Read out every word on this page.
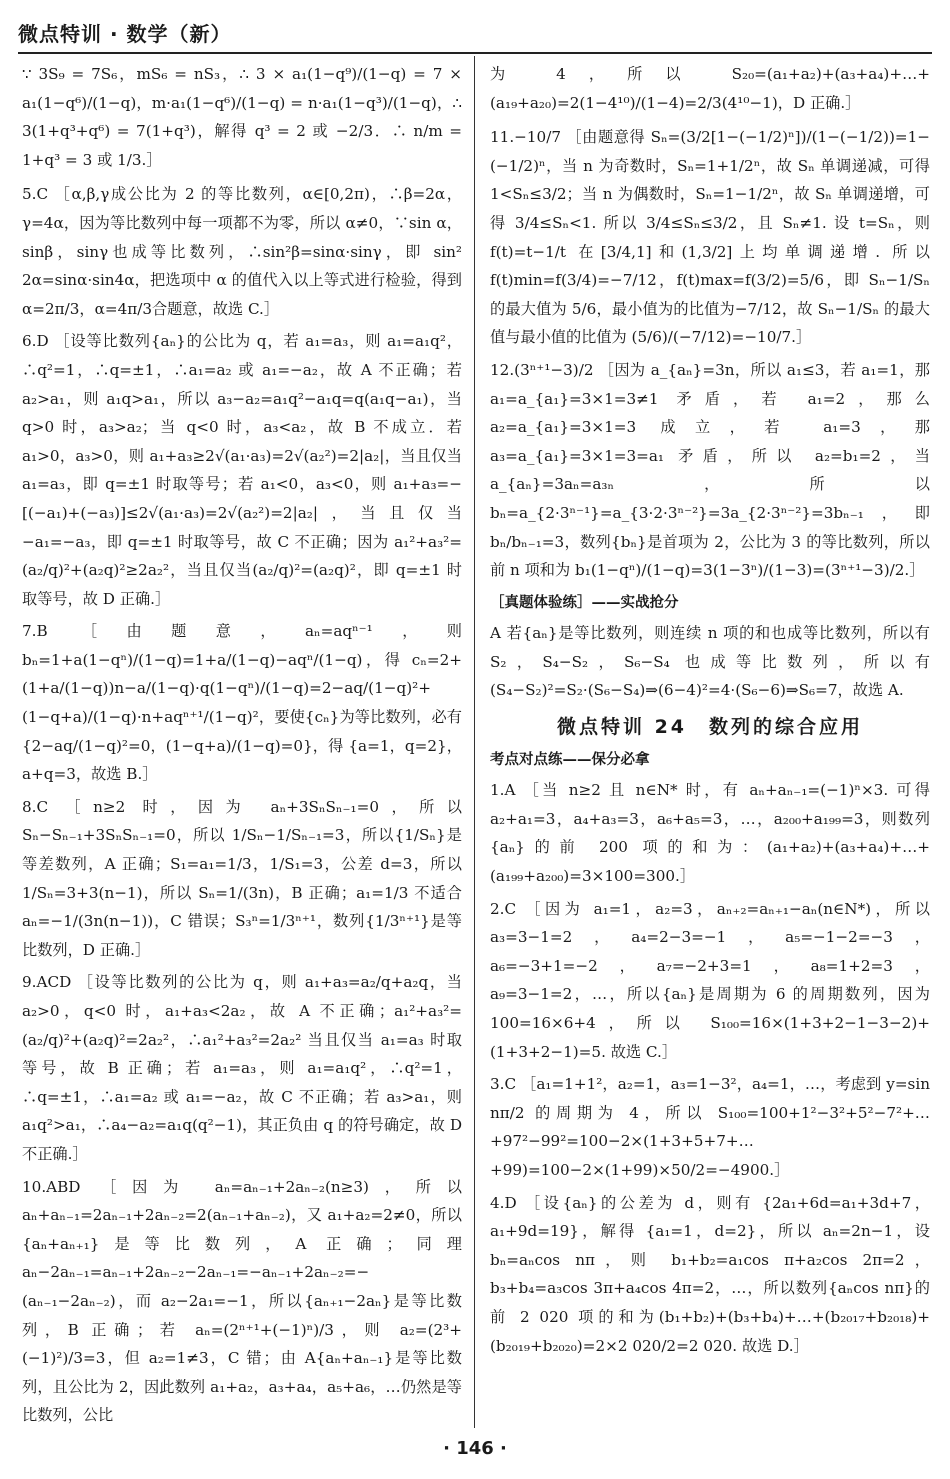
微点特训 · 数学（新）

∵ 3S₉ = 7S₆，mS₆ = nS₃，∴ 3 × a₁(1−q⁹)/(1−q) = 7 × a₁(1−q⁶)/(1−q)，m·a₁(1−q⁶)/(1−q) = n·a₁(1−q³)/(1−q)，∴ 3(1+q³+q⁶) = 7(1+q³)，解得 q³ = 2 或 −2/3．∴ n/m = 1+q³ = 3 或 1/3.］

5.C ［α,β,γ成公比为 2 的等比数列，α∈[0,2π)，∴β=2α，γ=4α，因为等比数列中每一项都不为零，所以 α≠0，∵sin α，sinβ，sinγ也成等比数列，∴sin²β=sinα·sinγ，即 sin² 2α=sinα·sin4α，把选项中 α 的值代入以上等式进行检验，得到 α=2π/3，α=4π/3合题意，故选 C.］

6.D ［设等比数列{aₙ}的公比为 q，若 a₁=a₃，则 a₁=a₁q²，∴q²=1，∴q=±1，∴a₁=a₂ 或 a₁=−a₂，故 A 不正确；若 a₂>a₁，则 a₁q>a₁，所以 a₃−a₂=a₁q²−a₁q=q(a₁q−a₁)，当 q>0 时，a₃>a₂；当 q<0 时，a₃<a₂，故 B 不成立．若 a₁>0，a₃>0，则 a₁+a₃≥2√(a₁·a₃)=2√(a₂²)=2|a₂|，当且仅当 a₁=a₃，即 q=±1 时取等号；若 a₁<0，a₃<0，则 a₁+a₃=−[(−a₁)+(−a₃)]≤2√(a₁·a₃)=2√(a₂²)=2|a₂|，当且仅当−a₁=−a₃，即 q=±1 时取等号，故 C 不正确；因为 a₁²+a₃²=(a₂/q)²+(a₂q)²≥2a₂²，当且仅当(a₂/q)²=(a₂q)²，即 q=±1 时取等号，故 D 正确.］

7.B ［由题意，aₙ=aqⁿ⁻¹，则 bₙ=1+a(1−qⁿ)/(1−q)=1+a/(1−q)−aqⁿ/(1−q)，得 cₙ=2+(1+a/(1−q))n−a/(1−q)·q(1−qⁿ)/(1−q)=2−aq/(1−q)²+(1−q+a)/(1−q)·n+aqⁿ⁺¹/(1−q)²，要使{cₙ}为等比数列，必有 {2−aq/(1−q)²=0，(1−q+a)/(1−q)=0}，得 {a=1，q=2}，a+q=3，故选 B.］

8.C ［n≥2 时，因为 aₙ+3SₙSₙ₋₁=0，所以 Sₙ−Sₙ₋₁+3SₙSₙ₋₁=0，所以 1/Sₙ−1/Sₙ₋₁=3，所以{1/Sₙ}是等差数列，A 正确；S₁=a₁=1/3，1/S₁=3，公差 d=3，所以 1/Sₙ=3+3(n−1)，所以 Sₙ=1/(3n)，B 正确；a₁=1/3 不适合 aₙ=−1/(3n(n−1))，C 错误；S₃ⁿ=1/3ⁿ⁺¹，数列{1/3ⁿ⁺¹}是等比数列，D 正确.］

9.ACD ［设等比数列的公比为 q，则 a₁+a₃=a₂/q+a₂q，当 a₂>0，q<0 时，a₁+a₃<2a₂，故 A 不正确；a₁²+a₃²=(a₂/q)²+(a₂q)²=2a₂²，∴a₁²+a₃²=2a₂² 当且仅当 a₁=a₃ 时取等号，故 B 正确；若 a₁=a₃，则 a₁=a₁q²，∴q²=1，∴q=±1，∴a₁=a₂ 或 a₁=−a₂，故 C 不正确；若 a₃>a₁，则 a₁q²>a₁，∴a₄−a₂=a₁q(q²−1)，其正负由 q 的符号确定，故 D 不正确.］

10.ABD ［因为 aₙ=aₙ₋₁+2aₙ₋₂(n≥3)，所以 aₙ+aₙ₋₁=2aₙ₋₁+2aₙ₋₂=2(aₙ₋₁+aₙ₋₂)，又 a₁+a₂=2≠0，所以{aₙ+aₙ₊₁}是等比数列，A 正确；同理 aₙ−2aₙ₋₁=aₙ₋₁+2aₙ₋₂−2aₙ₋₁=−aₙ₋₁+2aₙ₋₂=−(aₙ₋₁−2aₙ₋₂)，而 a₂−2a₁=−1，所以{aₙ₊₁−2aₙ}是等比数列，B 正确；若 aₙ=(2ⁿ⁺¹+(−1)ⁿ)/3，则 a₂=(2³+(−1)²)/3=3，但 a₂=1≠3，C 错；由 A{aₙ+aₙ₋₁}是等比数列，且公比为 2，因此数列 a₁+a₂，a₃+a₄，a₅+a₆，…仍然是等比数列，公比

为 4，所以 S₂₀=(a₁+a₂)+(a₃+a₄)+…+(a₁₉+a₂₀)=2(1−4¹⁰)/(1−4)=2/3(4¹⁰−1)，D 正确.］

11.−10/7 ［由题意得 Sₙ=(3/2[1−(−1/2)ⁿ])/(1−(−1/2))=1−(−1/2)ⁿ，当 n 为奇数时，Sₙ=1+1/2ⁿ，故 Sₙ 单调递减，可得 1<Sₙ≤3/2；当 n 为偶数时，Sₙ=1−1/2ⁿ，故 Sₙ 单调递增，可得 3/4≤Sₙ<1. 所以 3/4≤Sₙ≤3/2，且 Sₙ≠1. 设 t=Sₙ，则 f(t)=t−1/t 在[3/4,1]和(1,3/2]上均单调递增. 所以 f(t)min=f(3/4)=−7/12，f(t)max=f(3/2)=5/6，即 Sₙ−1/Sₙ 的最大值为 5/6，最小值为的比值为−7/12，故 Sₙ−1/Sₙ 的最大值与最小值的比值为 (5/6)/(−7/12)=−10/7.］

12.(3ⁿ⁺¹−3)/2 ［因为 a_{aₙ}=3n，所以 a₁≤3，若 a₁=1，那 a₁=a_{a₁}=3×1=3≠1 矛盾，若 a₁=2，那么 a₂=a_{a₁}=3×1=3 成立，若 a₁=3，那 a₃=a_{a₁}=3×1=3=a₁ 矛盾，所以 a₂=b₁=2，当 a_{aₙ}=3aₙ=a₃ₙ，所以 bₙ=a_{2·3ⁿ⁻¹}=a_{3·2·3ⁿ⁻²}=3a_{2·3ⁿ⁻²}=3bₙ₋₁，即 bₙ/bₙ₋₁=3，数列{bₙ}是首项为 2，公比为 3 的等比数列，所以前 n 项和为 b₁(1−qⁿ)/(1−q)=3(1−3ⁿ)/(1−3)=(3ⁿ⁺¹−3)/2.］

［真题体验练］——实战抢分

A 若{aₙ}是等比数列，则连续 n 项的和也成等比数列，所以有 S₂，S₄−S₂，S₆−S₄ 也成等比数列，所以有(S₄−S₂)²=S₂·(S₆−S₄)⇒(6−4)²=4·(S₆−6)⇒S₆=7，故选 A.

微点特训 24　数列的综合应用
考点对点练——保分必拿

1.A ［当 n≥2 且 n∈N* 时，有 aₙ+aₙ₋₁=(−1)ⁿ×3. 可得 a₂+a₁=3，a₄+a₃=3，a₆+a₅=3，…，a₂₀₀+a₁₉₉=3，则数列{aₙ}的前 200 项的和为：(a₁+a₂)+(a₃+a₄)+…+(a₁₉₉+a₂₀₀)=3×100=300.］

2.C ［因为 a₁=1，a₂=3，aₙ₊₂=aₙ₊₁−aₙ(n∈N*)，所以 a₃=3−1=2，a₄=2−3=−1，a₅=−1−2=−3，a₆=−3+1=−2，a₇=−2+3=1，a₈=1+2=3，a₉=3−1=2，…，所以{aₙ}是周期为 6 的周期数列，因为 100=16×6+4，所以 S₁₀₀=16×(1+3+2−1−3−2)+(1+3+2−1)=5. 故选 C.］

3.C ［a₁=1+1²，a₂=1，a₃=1−3²，a₄=1，…，考虑到 y=sin nπ/2 的周期为 4，所以 S₁₀₀=100+1²−3²+5²−7²+…+97²−99²=100−2×(1+3+5+7+…+99)=100−2×(1+99)×50/2=−4900.］

4.D ［设{aₙ}的公差为 d，则有 {2a₁+6d=a₁+3d+7，a₁+9d=19}，解得 {a₁=1，d=2}，所以 aₙ=2n−1，设 bₙ=aₙcos nπ，则 b₁+b₂=a₁cos π+a₂cos 2π=2，b₃+b₄=a₃cos 3π+a₄cos 4π=2，…，所以数列{aₙcos nπ}的前 2 020 项的和为(b₁+b₂)+(b₃+b₄)+…+(b₂₀₁₇+b₂₀₁₈)+(b₂₀₁₉+b₂₀₂₀)=2×2 020/2=2 020. 故选 D.］

· 146 ·
